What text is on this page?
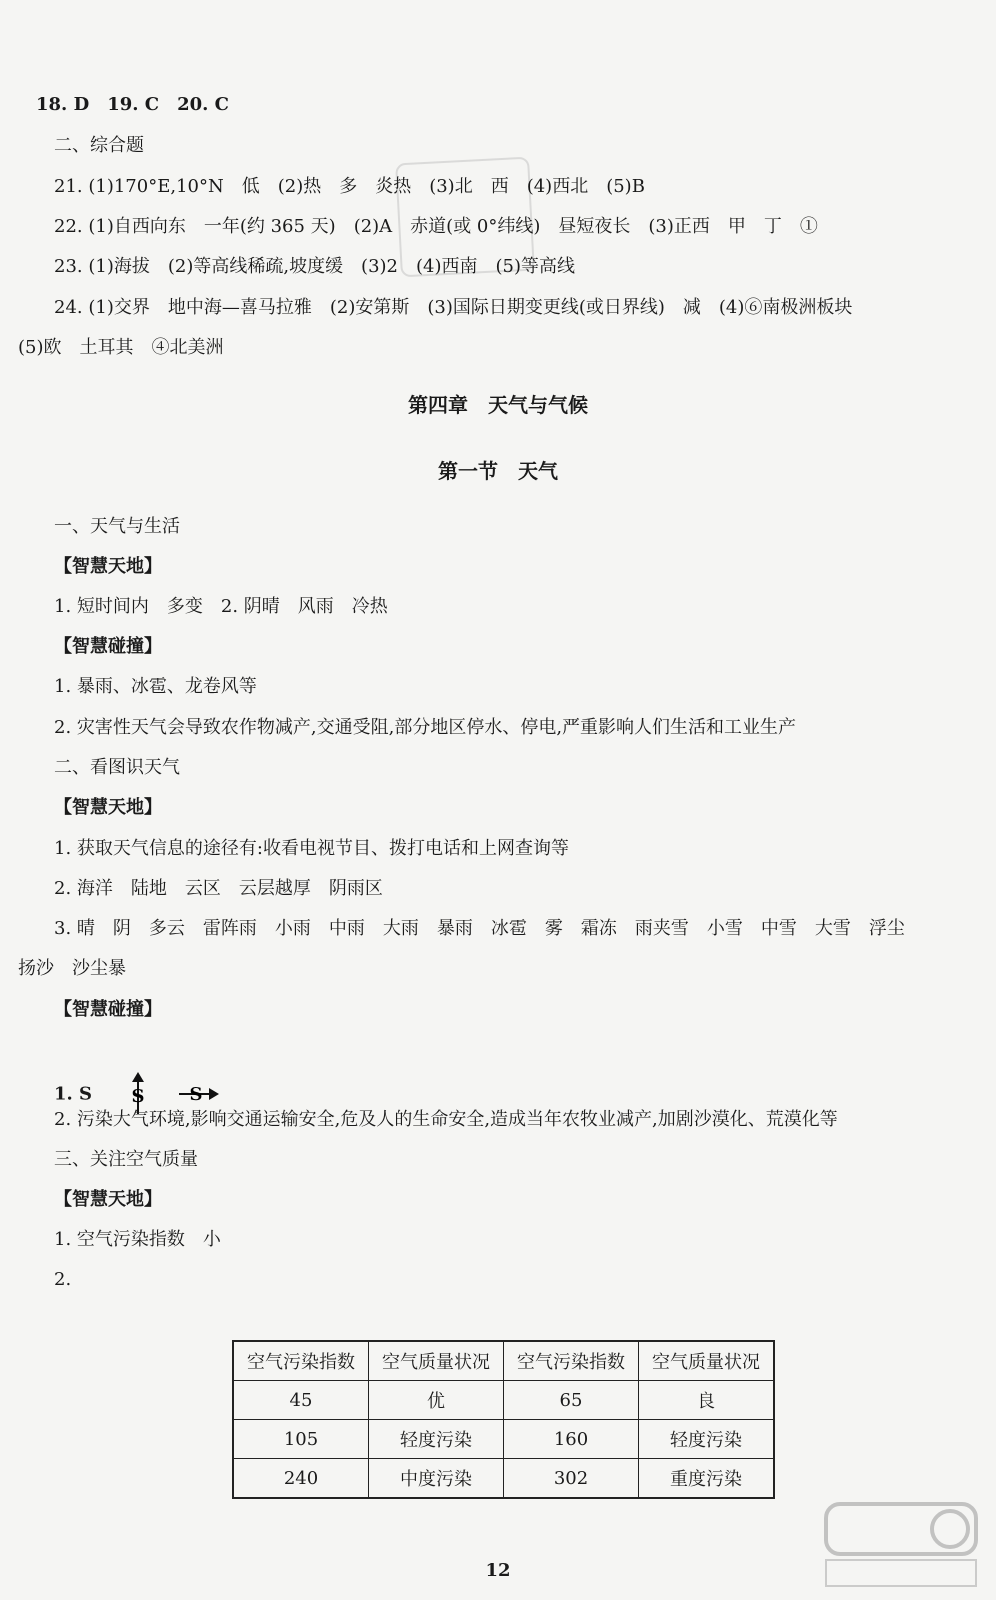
18. D　19. C　20. C
二、综合题
21. (1)170°E,10°N　低　(2)热　多　炎热　(3)北　西　(4)西北　(5)B
22. (1)自西向东　一年(约 365 天)　(2)A　赤道(或 0°纬线)　昼短夜长　(3)正西　甲　丁　①
23. (1)海拔　(2)等高线稀疏,坡度缓　(3)2　(4)西南　(5)等高线
24. (1)交界　地中海—喜马拉雅　(2)安第斯　(3)国际日期变更线(或日界线)　减　(4)⑥南极洲板块
(5)欧　土耳其　④北美洲
第四章　天气与气候
第一节　天气
一、天气与生活
【智慧天地】
1. 短时间内　多变　2. 阴晴　风雨　冷热
【智慧碰撞】
1. 暴雨、冰雹、龙卷风等
2. 灾害性天气会导致农作物减产,交通受阻,部分地区停水、停电,严重影响人们生活和工业生产
二、看图识天气
【智慧天地】
1. 获取天气信息的途径有:收看电视节目、拨打电话和上网查询等
2. 海洋　陆地　云区　云层越厚　阴雨区
3. 晴　阴　多云　雷阵雨　小雨　中雨　大雨　暴雨　冰雹　雾　霜冻　雨夹雪　小雪　中雪　大雪　浮尘
扬沙　沙尘暴
【智慧碰撞】
1. S S
	S
2. 污染大气环境,影响交通运输安全,危及人的生命安全,造成当年农牧业减产,加剧沙漠化、荒漠化等
三、关注空气质量
【智慧天地】
1. 空气污染指数　小
2.
空气污染指数	空气质量状况	空气污染指数	空气质量状况
45	优	65	良
105	轻度污染	160	轻度污染
240	中度污染	302	重度污染
12
